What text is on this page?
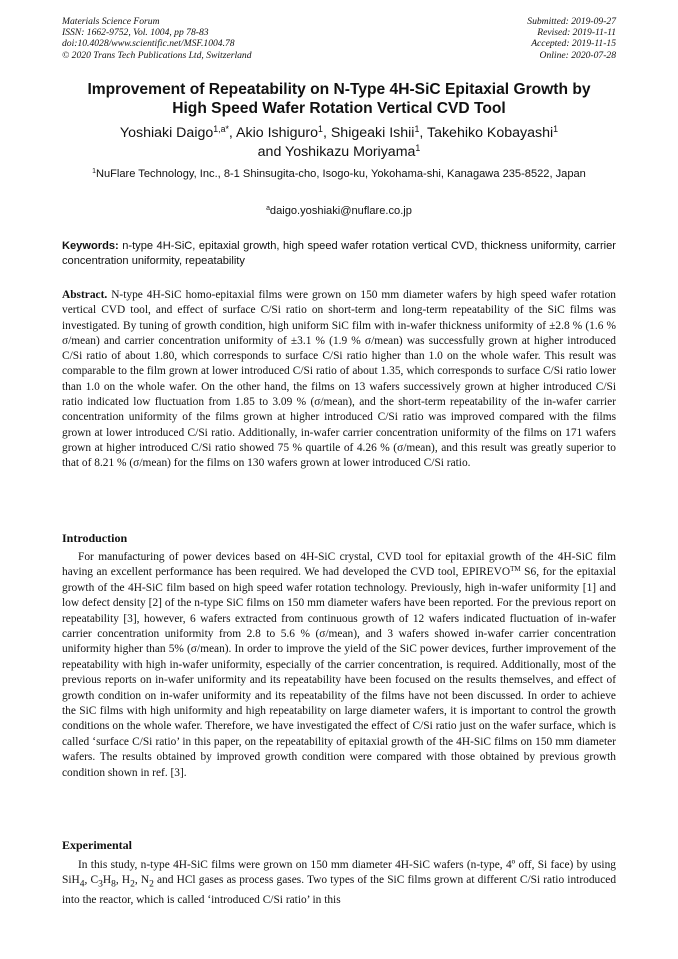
Materials Science Forum
ISSN: 1662-9752, Vol. 1004, pp 78-83
doi:10.4028/www.scientific.net/MSF.1004.78
© 2020 Trans Tech Publications Ltd, Switzerland
Submitted: 2019-09-27
Revised: 2019-11-11
Accepted: 2019-11-15
Online: 2020-07-28
Improvement of Repeatability on N-Type 4H-SiC Epitaxial Growth by
High Speed Wafer Rotation Vertical CVD Tool

Yoshiaki Daigo$^{1,a*}$, Akio Ishiguro$^1$, Shigeaki Ishii$^1$, Takehiko Kobayashi$^1$
and Yoshikazu Moriyama$^1$

$^1$NuFlare Technology, Inc., 8-1 Shinsugita-cho, Isogo-ku, Yokohama-shi, Kanagawa 235-8522, Japan

$^a$daigo.yoshiaki@nuflare.co.jp

Keywords: n-type 4H-SiC, epitaxial growth, high speed wafer rotation vertical CVD, thickness uniformity, carrier concentration uniformity, repeatability

Abstract. N-type 4H-SiC homo-epitaxial films were grown on 150 mm diameter wafers by high speed wafer rotation vertical CVD tool, and effect of surface C/Si ratio on short-term and long-term repeatability of the SiC films was investigated. By tuning of growth condition, high uniform SiC film with in-wafer thickness uniformity of ±2.8 % (1.6 % σ/mean) and carrier concentration uniformity of ±3.1 % (1.9 % σ/mean) was successfully grown at higher introduced C/Si ratio of about 1.80, which corresponds to surface C/Si ratio higher than 1.0 on the whole wafer. This result was comparable to the film grown at lower introduced C/Si ratio of about 1.35, which corresponds to surface C/Si ratio lower than 1.0 on the whole wafer. On the other hand, the films on 13 wafers successively grown at higher introduced C/Si ratio indicated low fluctuation from 1.85 to 3.09 % (σ/mean), and the short-term repeatability of the in-wafer carrier concentration uniformity of the films grown at higher introduced C/Si ratio was improved compared with the films grown at lower introduced C/Si ratio. Additionally, in-wafer carrier concentration uniformity of the films on 171 wafers grown at higher introduced C/Si ratio showed 75 % quartile of 4.26 % (σ/mean), and this result was greatly superior to that of 8.21 % (σ/mean) for the films on 130 wafers grown at lower introduced C/Si ratio.

Introduction

For manufacturing of power devices based on 4H-SiC crystal, CVD tool for epitaxial growth of the 4H-SiC film having an excellent performance has been required. We had developed the CVD tool, EPIREVO™ S6, for the epitaxial growth of the 4H-SiC film based on high speed wafer rotation technology. Previously, high in-wafer uniformity [1] and low defect density [2] of the n-type SiC films on 150 mm diameter wafers have been reported. For the previous report on repeatability [3], however, 6 wafers extracted from continuous growth of 12 wafers indicated fluctuation of in-wafer carrier concentration uniformity from 2.8 to 5.6 % (σ/mean), and 3 wafers showed in-wafer carrier concentration uniformity higher than 5% (σ/mean). In order to improve the yield of the SiC power devices, further improvement of the repeatability with high in-wafer uniformity, especially of the carrier concentration, is required. Additionally, most of the previous reports on in-wafer uniformity and its repeatability have been focused on the results themselves, and effect of growth condition on in-wafer uniformity and its repeatability of the films have not been discussed. In order to achieve the SiC films with high uniformity and high repeatability on large diameter wafers, it is important to control the growth conditions on the whole wafer. Therefore, we have investigated the effect of C/Si ratio just on the wafer surface, which is called ‘surface C/Si ratio’ in this paper, on the repeatability of epitaxial growth of the 4H-SiC films on 150 mm diameter wafers. The results obtained by improved growth condition were compared with those obtained by previous growth condition shown in ref. [3].

Experimental

In this study, n-type 4H-SiC films were grown on 150 mm diameter 4H-SiC wafers (n-type, 4º off, Si face) by using SiH$_4$, $C_3H_8$, $H_2$, $N_2$ and HCl gases as process gases. Two types of the SiC films grown at different C/Si ratio introduced into the reactor, which is called ‘introduced C/Si ratio’ in this
